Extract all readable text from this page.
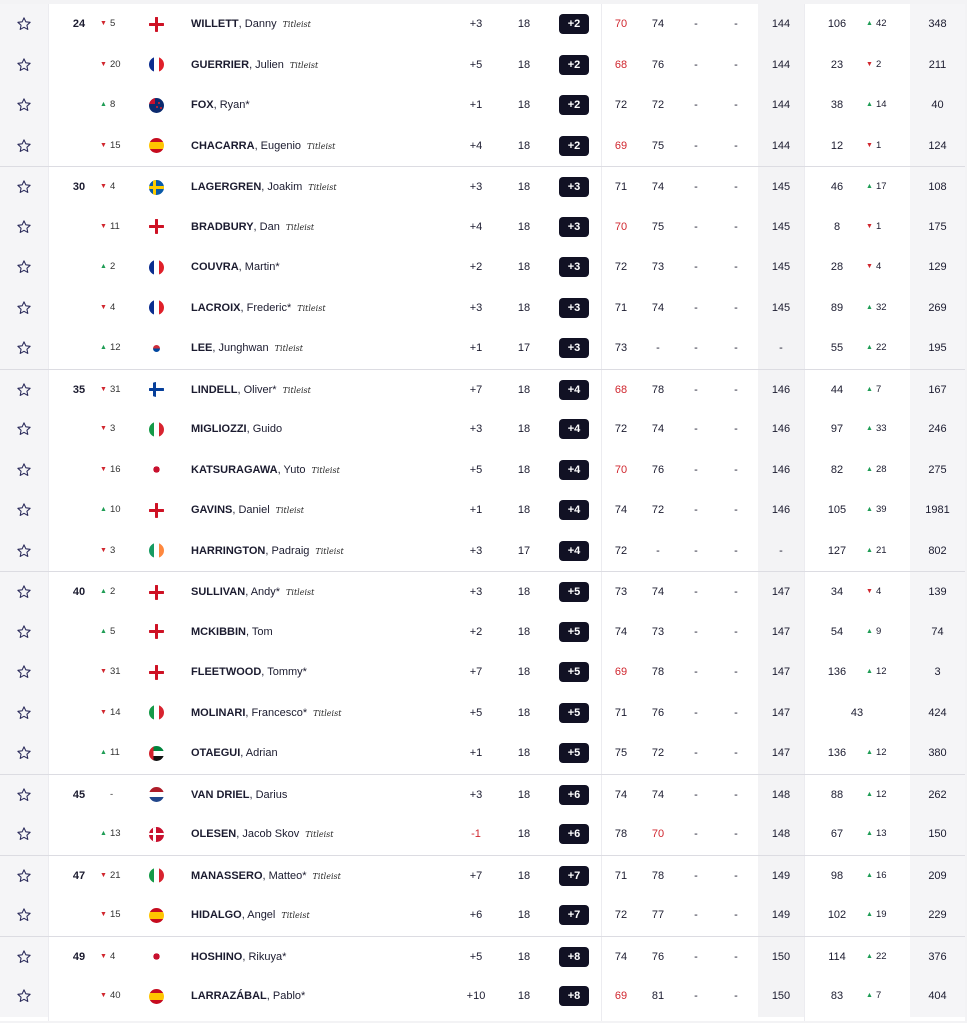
24	▼ 5	WILLETT, Danny Titleist	+3	18	+2	70	74	-	-	144	106	▲ 42	348
▼ 20	GUERRIER, Julien Titleist	+5	18	+2	68	76	-	-	144	23	▼ 2	211
▲ 8	FOX, Ryan*	+1	18	+2	72	72	-	-	144	38	▲ 14	40
▼ 15	CHACARRA, Eugenio Titleist	+4	18	+2	69	75	-	-	144	12	▼ 1	124
30	▼ 4	LAGERGREN, Joakim Titleist	+3	18	+3	71	74	-	-	145	46	▲ 17	108
▼ 11	BRADBURY, Dan Titleist	+4	18	+3	70	75	-	-	145	8	▼ 1	175
▲ 2	COUVRA, Martin*	+2	18	+3	72	73	-	-	145	28	▼ 4	129
▼ 4	LACROIX, Frederic* Titleist	+3	18	+3	71	74	-	-	145	89	▲ 32	269
▲ 12	LEE, Junghwan Titleist	+1	17	+3	73	-	-	-	-	55	▲ 22	195
35	▼ 31	LINDELL, Oliver* Titleist	+7	18	+4	68	78	-	-	146	44	▲ 7	167
▼ 3	MIGLIOZZI, Guido	+3	18	+4	72	74	-	-	146	97	▲ 33	246
▼ 16	KATSURAGAWA, Yuto Titleist	+5	18	+4	70	76	-	-	146	82	▲ 28	275
▲ 10	GAVINS, Daniel Titleist	+1	18	+4	74	72	-	-	146	105	▲ 39	1981
▼ 3	HARRINGTON, Padraig Titleist	+3	17	+4	72	-	-	-	-	127	▲ 21	802
40	▲ 2	SULLIVAN, Andy* Titleist	+3	18	+5	73	74	-	-	147	34	▼ 4	139
▲ 5	MCKIBBIN, Tom	+2	18	+5	74	73	-	-	147	54	▲ 9	74
▼ 31	FLEETWOOD, Tommy*	+7	18	+5	69	78	-	-	147	136	▲ 12	3
▼ 14	MOLINARI, Francesco* Titleist	+5	18	+5	71	76	-	-	147	43	424
▲ 11	OTAEGUI, Adrian	+1	18	+5	75	72	-	-	147	136	▲ 12	380
45	-	VAN DRIEL, Darius	+3	18	+6	74	74	-	-	148	88	▲ 12	262
▲ 13	OLESEN, Jacob Skov Titleist	-1	18	+6	78	70	-	-	148	67	▲ 13	150
47	▼ 21	MANASSERO, Matteo* Titleist	+7	18	+7	71	78	-	-	149	98	▲ 16	209
▼ 15	HIDALGO, Angel Titleist	+6	18	+7	72	77	-	-	149	102	▲ 19	229
49	▼ 4	HOSHINO, Rikuya*	+5	18	+8	74	76	-	-	150	114	▲ 22	376
▼ 40	LARRAZÁBAL, Pablo*	+10	18	+8	69	81	-	-	150	83	▲ 7	404
